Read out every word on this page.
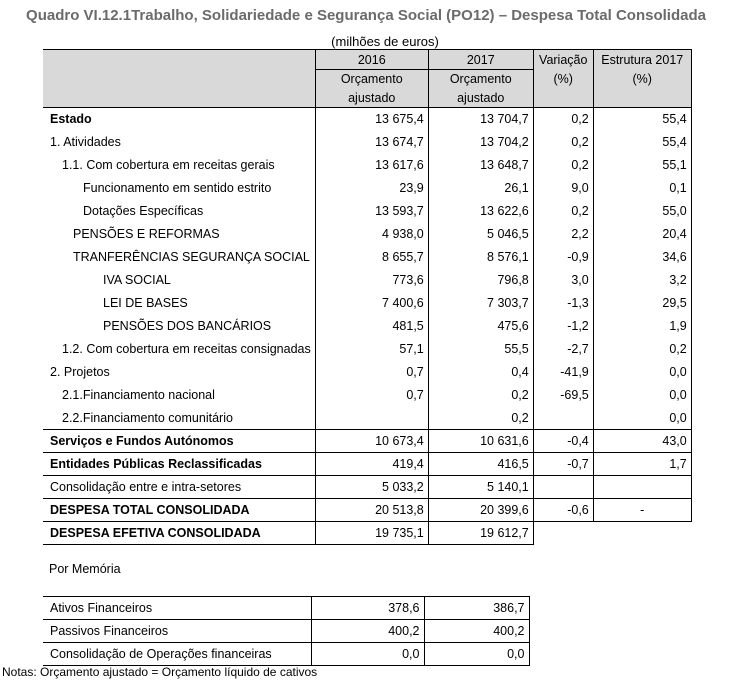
Quadro VI.12.1Trabalho, Solidariedade e Segurança Social (PO12) – Despesa Total Consolidada
(milhões de euros)
	2016	2017	Variação	Estrutura 2017
	Orçamento	Orçamento	(%)	(%)
	ajustado	ajustado		
Estado	13 675,4	13 704,7	0,2	55,4
1. Atividades	13 674,7	13 704,2	0,2	55,4
1.1. Com cobertura em receitas gerais	13 617,6	13 648,7	0,2	55,1
Funcionamento em sentido estrito	23,9	26,1	9,0	0,1
Dotações Específicas	13 593,7	13 622,6	0,2	55,0
PENSÕES E REFORMAS	4 938,0	5 046,5	2,2	20,4
TRANFERÊNCIAS SEGURANÇA SOCIAL	8 655,7	8 576,1	-0,9	34,6
IVA SOCIAL	773,6	796,8	3,0	3,2
LEI DE BASES	7 400,6	7 303,7	-1,3	29,5
PENSÕES DOS BANCÁRIOS	481,5	475,6	-1,2	1,9
1.2. Com cobertura em receitas consignadas	57,1	55,5	-2,7	0,2
2. Projetos	0,7	0,4	-41,9	0,0
2.1.Financiamento nacional	0,7	0,2	-69,5	0,0
2.2.Financiamento comunitário		0,2		0,0
Serviços e Fundos Autónomos	10 673,4	10 631,6	-0,4	43,0
Entidades Públicas Reclassificadas	419,4	416,5	-0,7	1,7
Consolidação entre e intra-setores	5 033,2	5 140,1		
DESPESA TOTAL CONSOLIDADA	20 513,8	20 399,6	-0,6	-
DESPESA EFETIVA CONSOLIDADA	19 735,1	19 612,7		
Por Memória
Ativos Financeiros	378,6	386,7
Passivos Financeiros	400,2	400,2
Consolidação de Operações financeiras	0,0	0,0
Notas: Orçamento ajustado = Orçamento líquido de cativos
